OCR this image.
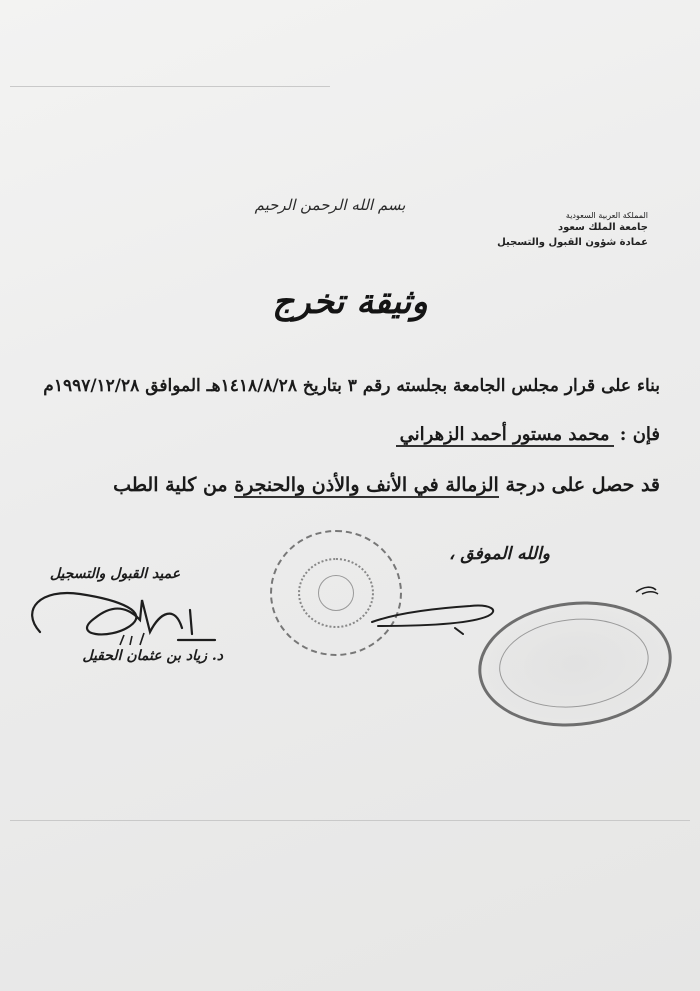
بسم الله الرحمن الرحيم
المملكة العربية السعودية
جامعة الملك سعود
عمادة شؤون القبول والتسجيل
وثيقة تخرج
بناء على قرار مجلس الجامعة بجلسته رقم ٣ بتاريخ ١٤١٨/٨/٢٨هـ الموافق ١٩٩٧/١٢/٢٨م
فإن : محمد مستور أحمد الزهراني
قد حصل على درجة الزمالة في الأنف والأذن والحنجرة من كلية الطب
والله الموفق ،
عميد القبول والتسجيل
د. زياد بن عثمان الحقيل
